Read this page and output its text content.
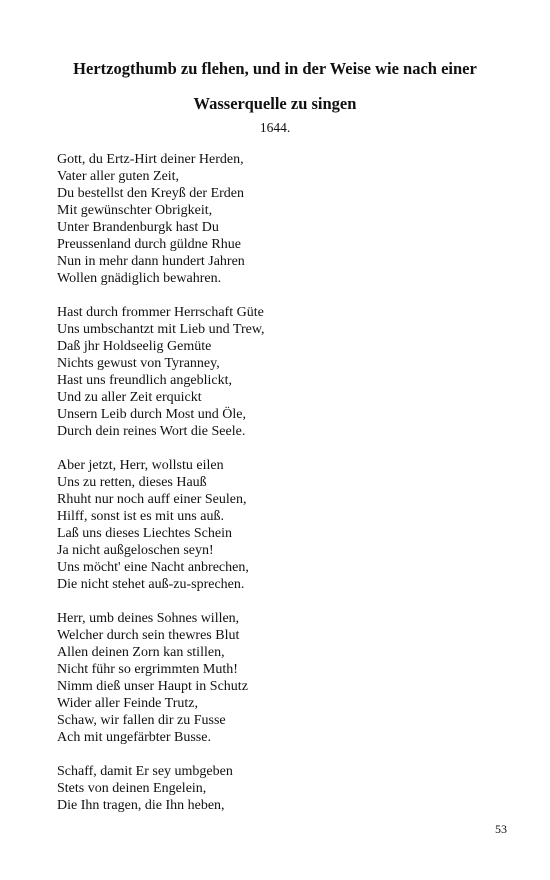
Hertzogthumb zu flehen, und in der Weise wie nach einer
Wasserquelle zu singen
1644.
Gott, du Ertz-Hirt deiner Herden,
Vater aller guten Zeit,
Du bestellst den Kreyß der Erden
Mit gewünschter Obrigkeit,
Unter Brandenburgk hast Du
Preussenland durch güldne Rhue
Nun in mehr dann hundert Jahren
Wollen gnädiglich bewahren.
Hast durch frommer Herrschaft Güte
Uns umbschantzt mit Lieb und Trew,
Daß jhr Holdseelig Gemüte
Nichts gewust von Tyranney,
Hast uns freundlich angeblickt,
Und zu aller Zeit erquickt
Unsern Leib durch Most und Öle,
Durch dein reines Wort die Seele.
Aber jetzt, Herr, wollstu eilen
Uns zu retten, dieses Hauß
Rhuht nur noch auff einer Seulen,
Hilff, sonst ist es mit uns auß.
Laß uns dieses Liechtes Schein
Ja nicht außgeloschen seyn!
Uns möcht' eine Nacht anbrechen,
Die nicht stehet auß-zu-sprechen.
Herr, umb deines Sohnes willen,
Welcher durch sein thewres Blut
Allen deinen Zorn kan stillen,
Nicht führ so ergrimmten Muth!
Nimm dieß unser Haupt in Schutz
Wider aller Feinde Trutz,
Schaw, wir fallen dir zu Fusse
Ach mit ungefärbter Busse.
Schaff, damit Er sey umbgeben
Stets von deinen Engelein,
Die Ihn tragen, die Ihn heben,
53
